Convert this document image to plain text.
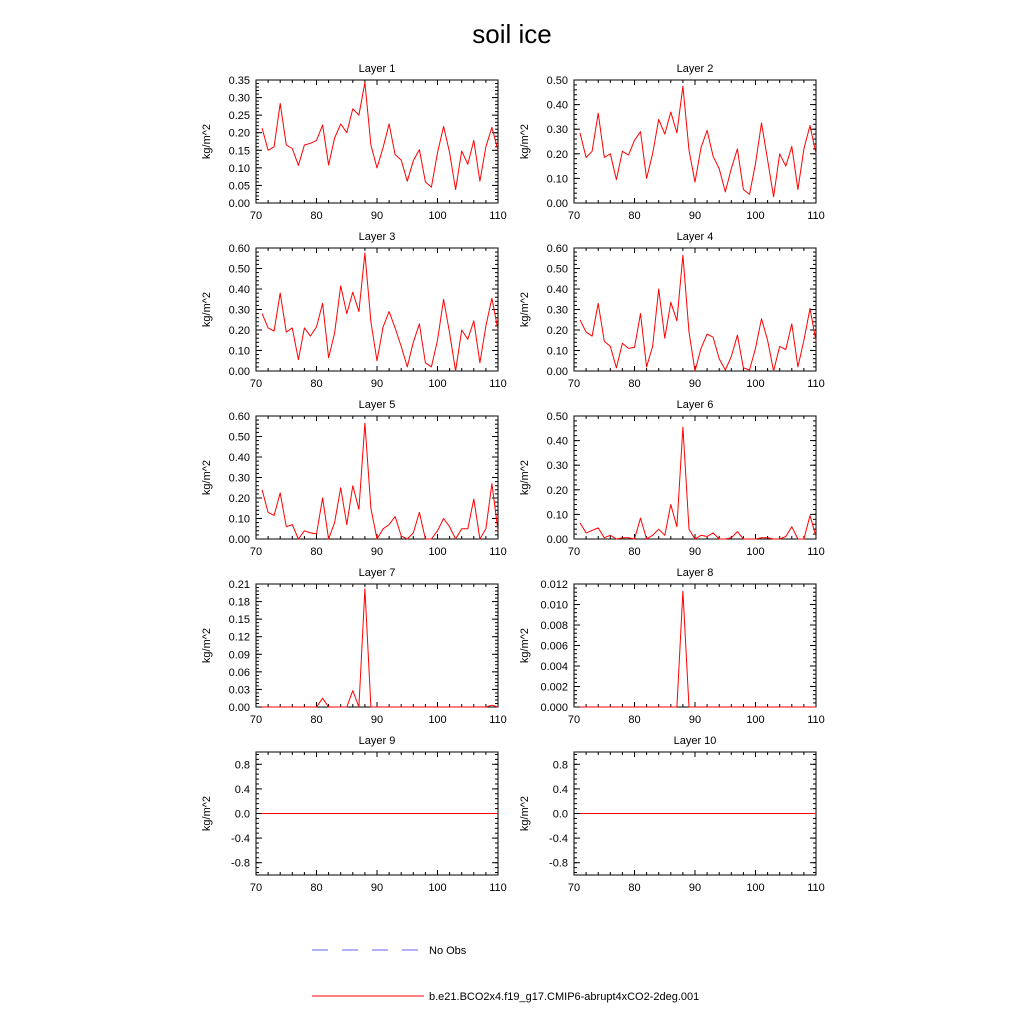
soil ice
Layer 1
kg/m^2
70	80	90	100	110
0.00
0.05
0.10
0.15
0.20
0.25
0.30
0.35
Layer 2
kg/m^2
70	80	90	100	110
0.00
0.10
0.20
0.30
0.40
0.50
Layer 3
kg/m^2
70	80	90	100	110
0.00
0.10
0.20
0.30
0.40
0.50
0.60
Layer 4
kg/m^2
70	80	90	100	110
0.00
0.10
0.20
0.30
0.40
0.50
0.60
Layer 5
kg/m^2
70	80	90	100	110
0.00
0.10
0.20
0.30
0.40
0.50
0.60
Layer 6
kg/m^2
70	80	90	100	110
0.00
0.10
0.20
0.30
0.40
0.50
Layer 7
kg/m^2
70	80	90	100	110
0.00
0.03
0.06
0.09
0.12
0.15
0.18
0.21
Layer 8
kg/m^2
70	80	90	100	110
0.000
0.002
0.004
0.006
0.008
0.010
0.012
Layer 9
kg/m^2
70	80	90	100	110
-0.8
-0.4
0.0
0.4
0.8
Layer 10
kg/m^2
70	80	90	100	110
-0.8
-0.4
0.0
0.4
0.8
No Obs
b.e21.BCO2x4.f19_g17.CMIP6-abrupt4xCO2-2deg.001
